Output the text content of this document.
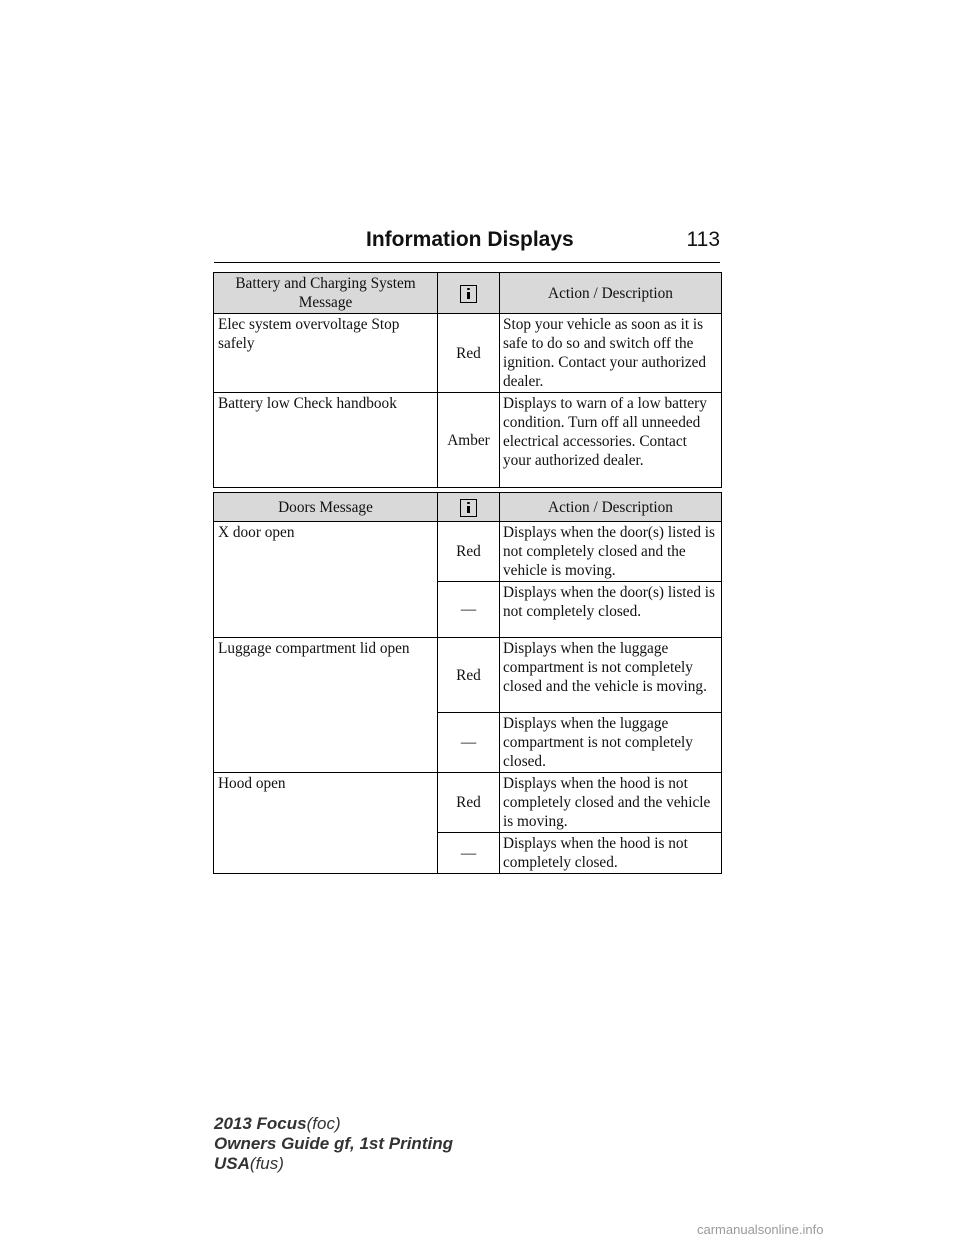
Information Displays	113
Battery and Charging System Message		Action / Description
Elec system overvoltage Stop safely	Red	Stop your vehicle as soon as it is safe to do so and switch off the ignition. Contact your authorized dealer.
Battery low Check handbook	Amber	Displays to warn of a low battery condition. Turn off all unneeded electrical accessories. Contact your authorized dealer.
Doors Message		Action / Description
X door open	Red	Displays when the door(s) listed is not completely closed and the vehicle is moving.
	—	Displays when the door(s) listed is not completely closed.
Luggage compartment lid open	Red	Displays when the luggage compartment is not completely closed and the vehicle is moving.
	—	Displays when the luggage compartment is not completely closed.
Hood open	Red	Displays when the hood is not completely closed and the vehicle is moving.
	—	Displays when the hood is not completely closed.
2013 Focus(foc)
Owners Guide gf, 1st Printing
USA(fus)
carmanualsonline.info
